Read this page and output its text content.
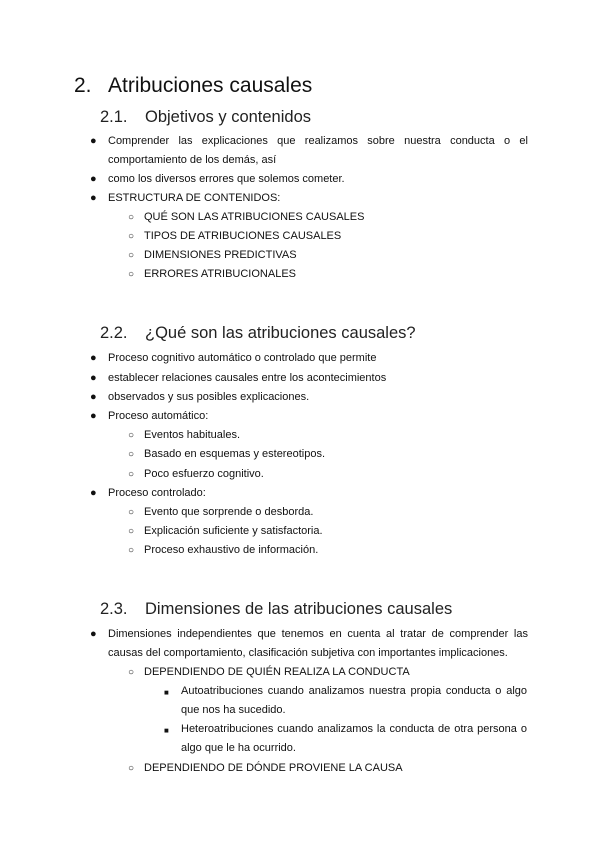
2. Atribuciones causales
2.1. Objetivos y contenidos
● Comprender las explicaciones que realizamos sobre nuestra conducta o el
comportamiento de los demás, así
● como los diversos errores que solemos cometer.
● ESTRUCTURA DE CONTENIDOS:
○ QUÉ SON LAS ATRIBUCIONES CAUSALES
○ TIPOS DE ATRIBUCIONES CAUSALES
○ DIMENSIONES PREDICTIVAS
○ ERRORES ATRIBUCIONALES
2.2. ¿Qué son las atribuciones causales?
● Proceso cognitivo automático o controlado que permite
● establecer relaciones causales entre los acontecimientos
● observados y sus posibles explicaciones.
● Proceso automático:
○ Eventos habituales.
○ Basado en esquemas y estereotipos.
○ Poco esfuerzo cognitivo.
● Proceso controlado:
○ Evento que sorprende o desborda.
○ Explicación suficiente y satisfactoria.
○ Proceso exhaustivo de información.
2.3. Dimensiones de las atribuciones causales
● Dimensiones independientes que tenemos en cuenta al tratar de comprender las
causas del comportamiento, clasificación subjetiva con importantes implicaciones.
○ DEPENDIENDO DE QUIÉN REALIZA LA CONDUCTA
■ Autoatribuciones cuando analizamos nuestra propia conducta o algo
que nos ha sucedido.
■ Heteroatribuciones cuando analizamos la conducta de otra persona o
algo que le ha ocurrido.
○ DEPENDIENDO DE DÓNDE PROVIENE LA CAUSA
